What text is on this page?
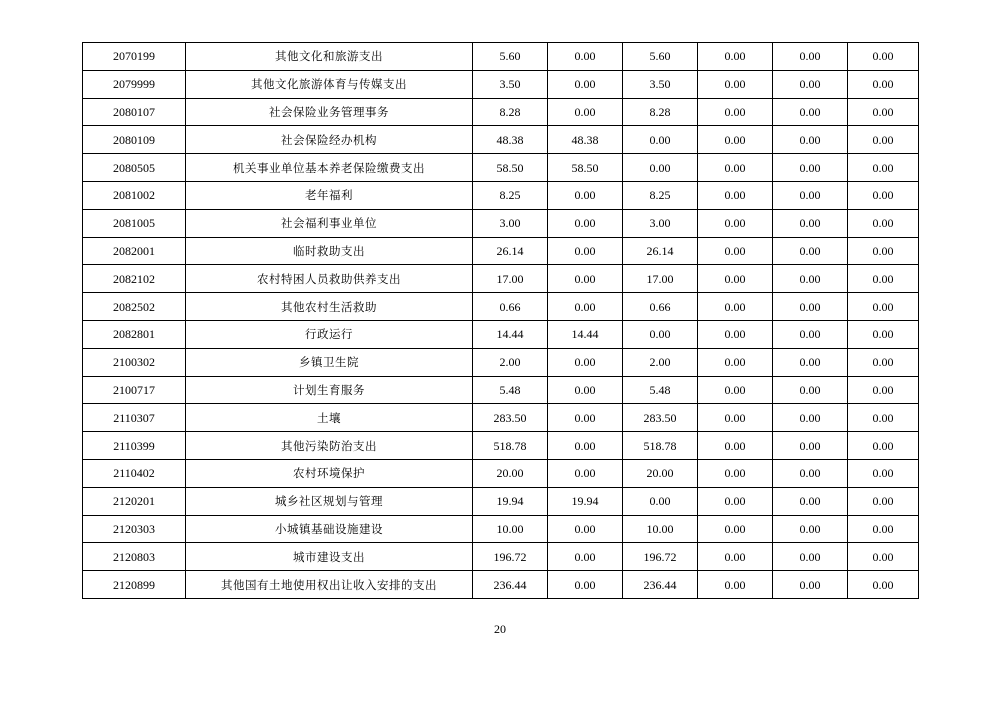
2070199	其他文化和旅游支出	5.60	0.00	5.60	0.00	0.00	0.00
2079999	其他文化旅游体育与传媒支出	3.50	0.00	3.50	0.00	0.00	0.00
2080107	社会保险业务管理事务	8.28	0.00	8.28	0.00	0.00	0.00
2080109	社会保险经办机构	48.38	48.38	0.00	0.00	0.00	0.00
2080505	机关事业单位基本养老保险缴费支出	58.50	58.50	0.00	0.00	0.00	0.00
2081002	老年福利	8.25	0.00	8.25	0.00	0.00	0.00
2081005	社会福利事业单位	3.00	0.00	3.00	0.00	0.00	0.00
2082001	临时救助支出	26.14	0.00	26.14	0.00	0.00	0.00
2082102	农村特困人员救助供养支出	17.00	0.00	17.00	0.00	0.00	0.00
2082502	其他农村生活救助	0.66	0.00	0.66	0.00	0.00	0.00
2082801	行政运行	14.44	14.44	0.00	0.00	0.00	0.00
2100302	乡镇卫生院	2.00	0.00	2.00	0.00	0.00	0.00
2100717	计划生育服务	5.48	0.00	5.48	0.00	0.00	0.00
2110307	土壤	283.50	0.00	283.50	0.00	0.00	0.00
2110399	其他污染防治支出	518.78	0.00	518.78	0.00	0.00	0.00
2110402	农村环境保护	20.00	0.00	20.00	0.00	0.00	0.00
2120201	城乡社区规划与管理	19.94	19.94	0.00	0.00	0.00	0.00
2120303	小城镇基础设施建设	10.00	0.00	10.00	0.00	0.00	0.00
2120803	城市建设支出	196.72	0.00	196.72	0.00	0.00	0.00
2120899	其他国有土地使用权出让收入安排的支出	236.44	0.00	236.44	0.00	0.00	0.00
20
